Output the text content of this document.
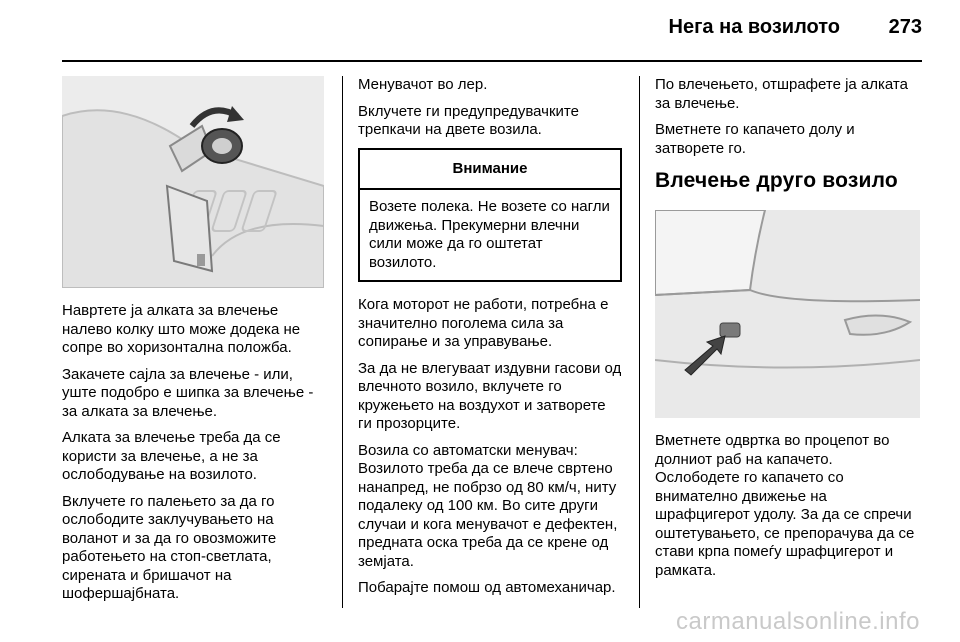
Нега на возилото 273

Навртете ја алката за влечење налево колку што може додека не сопре во хоризонтална положба.

Закачете сајла за влечење - или, уште подобро е шипка за влечење - за алката за влечење.

Алката за влечење треба да се користи за влечење, а не за ослободување на возилото.

Вклучете го палењето за да го ослободите заклучувањето на воланот и за да го овозможите работењето на стоп-светлата, сирената и бришачот на шофершајбната.

Менувачот во лер.

Вклучете ги предупредувачките трепкачи на двете возила.

Внимание
Возете полека. Не возете со нагли движења. Прекумерни влечни сили може да го оштетат возилото.

Кога моторот не работи, потребна е значително поголема сила за сопирање и за управување.

За да не влегуваат издувни гасови од влечното возило, вклучете го кружењето на воздухот и затворете ги прозорците.

Возила со автоматски менувач: Возилото треба да се влече свртено нанапред, не побрзо од 80 км/ч, ниту подалеку од 100 км. Во сите други случаи и кога менувачот е дефектен, предната оска треба да се крене од земјата.

Побарајте помош од автомеханичар.

По влечењето, отшрафете ја алката за влечење.

Вметнете го капачето долу и затворете го.

Влечење друго возило

Вметнете одвртка во процепот во долниот раб на капачето. Ослободете го капачето со внимателно движење на шрафцигерот удолу. За да се спречи оштетувањето, се препорачува да се стави крпа помеѓу шрафцигерот и рамката.

carmanualsonline.info
